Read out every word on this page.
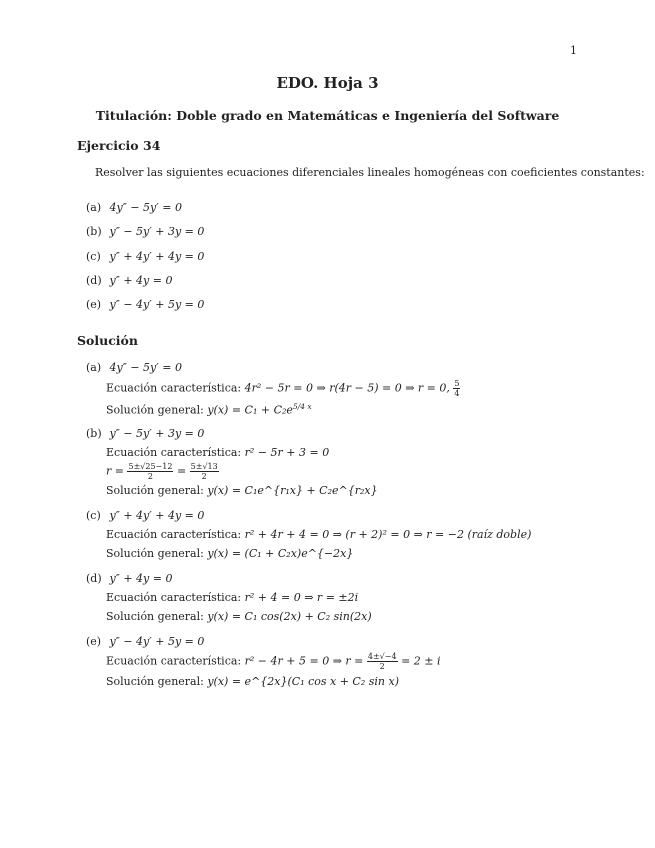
1
EDO. Hoja 3
Titulación: Doble grado en Matemáticas e Ingeniería del Software
Ejercicio 34
Resolver las siguientes ecuaciones diferenciales lineales homogéneas con coeficientes constantes:
(a) 4y″ − 5y′ = 0
(b) y″ − 5y′ + 3y = 0
(c) y″ + 4y′ + 4y = 0
(d) y″ + 4y = 0
(e) y″ − 4y′ + 5y = 0
Solución
(a) 4y″ − 5y′ = 0
Ecuación característica: 4r² − 5r = 0 ⇒ r(4r − 5) = 0 ⇒ r = 0, $\frac{5}{4}$
Solución general: $y(x) = C_1 + C_2e^{5/4 x}$
(b) y″ − 5y′ + 3y = 0
Ecuación característica: r² − 5r + 3 = 0
$r = \frac{5\pm√25-12}{2} = \frac{5\pm√13}{2}$
Solución general: y(x) = C₁e^{r₁x} + C₂e^{r₂x}
(c) y″ + 4y′ + 4y = 0
Ecuación característica: r² + 4r + 4 = 0 ⇒ (r + 2)² = 0 ⇒ r = −2 (raíz doble)
Solución general: y(x) = (C₁ + C₂x)e^{−2x}
(d) y″ + 4y = 0
Ecuación característica: r² + 4 = 0 ⇒ r = ±2i
Solución general: y(x) = C₁ cos(2x) + C₂ sin(2x)
(e) y″ − 4y′ + 5y = 0
Ecuación característica: r² − 4r + 5 = 0 ⇒ $r = \frac{4\pm√-4}{2} = 2 \pm i$
Solución general: y(x) = e^{2x}(C₁ cos x + C₂ sin x)
